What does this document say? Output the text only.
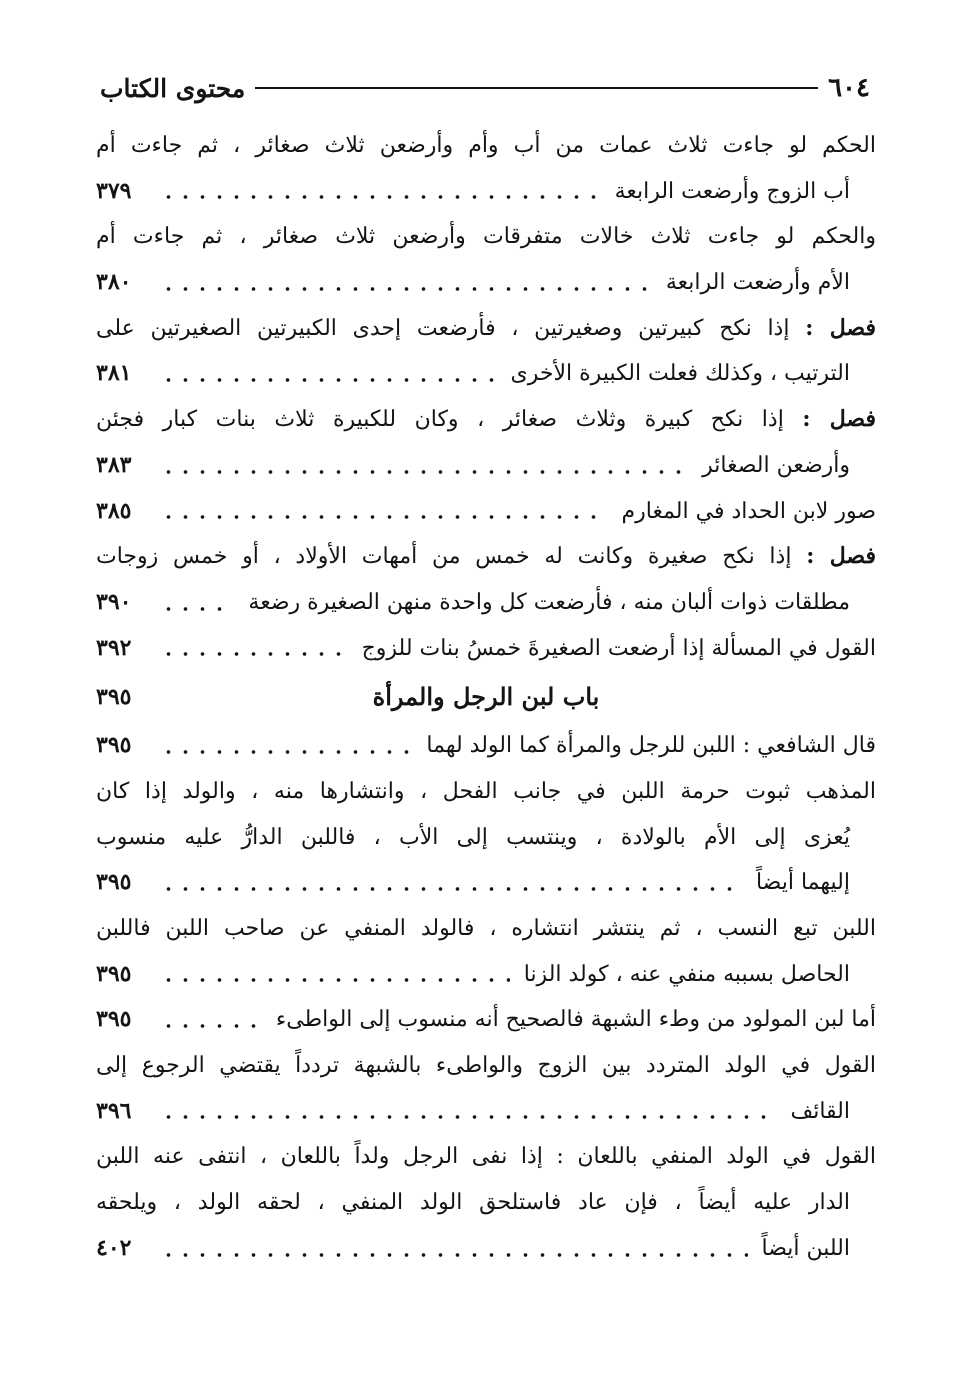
٦٠٤
محتوى الكتاب
الحكم لو جاءت ثلاث عمات من أب وأم وأرضعن ثلاث صغائر ، ثم جاءت أم
أب الزوج وأرضعت الرابعة
٣٧٩
والحكم لو جاءت ثلاث خالات متفرقات وأرضعن ثلاث صغائر ، ثم جاءت أم
الأم وأرضعت الرابعة
٣٨٠
فصل : إذا نكح كبيرتين وصغيرتين ، فأرضعت إحدى الكبيرتين الصغيرتين على
الترتيب ، وكذلك فعلت الكبيرة الأخرى
٣٨١
فصل : إذا نكح كبيرة وثلاث صغائر ، وكان للكبيرة ثلاث بنات كبار فجئن
وأرضعن الصغائر
٣٨٣
صور لابن الحداد في المغارم
٣٨٥
فصل : إذا نكح صغيرة وكانت له خمس من أمهات الأولاد ، أو خمس زوجات
مطلقات ذوات ألبان منه ، فأرضعت كل واحدة منهن الصغيرة رضعة
٣٩٠
القول في المسألة إذا أرضعت الصغيرةَ خمسُ بنات للزوج
٣٩٢
باب لبن الرجل والمرأة
٣٩٥
قال الشافعي : اللبن للرجل والمرأة كما الولد لهما
٣٩٥
المذهب ثبوت حرمة اللبن في جانب الفحل ، وانتشارها منه ، والولد إذا كان
يُعزى إلى الأم بالولادة ، وينتسب إلى الأب ، فاللبن الدارُّ عليه منسوب
إليهما أيضاً
٣٩٥
اللبن تبع النسب ، ثم ينتشر انتشاره ، فالولد المنفي عن صاحب اللبن فاللبن
الحاصل بسببه منفي عنه ، كولد الزنا
٣٩٥
أما لبن المولود من وطء الشبهة فالصحيح أنه منسوب إلى الواطىء
٣٩٥
القول في الولد المتردد بين الزوج والواطىء بالشبهة تردداً يقتضي الرجوع إلى
القائف
٣٩٦
القول في الولد المنفي باللعان : إذا نفى الرجل ولداً باللعان ، انتفى عنه اللبن
الدار عليه أيضاً ، فإن عاد فاستلحق الولد المنفي ، لحقه الولد ، ويلحقه
اللبن أيضاً
٤٠٢
